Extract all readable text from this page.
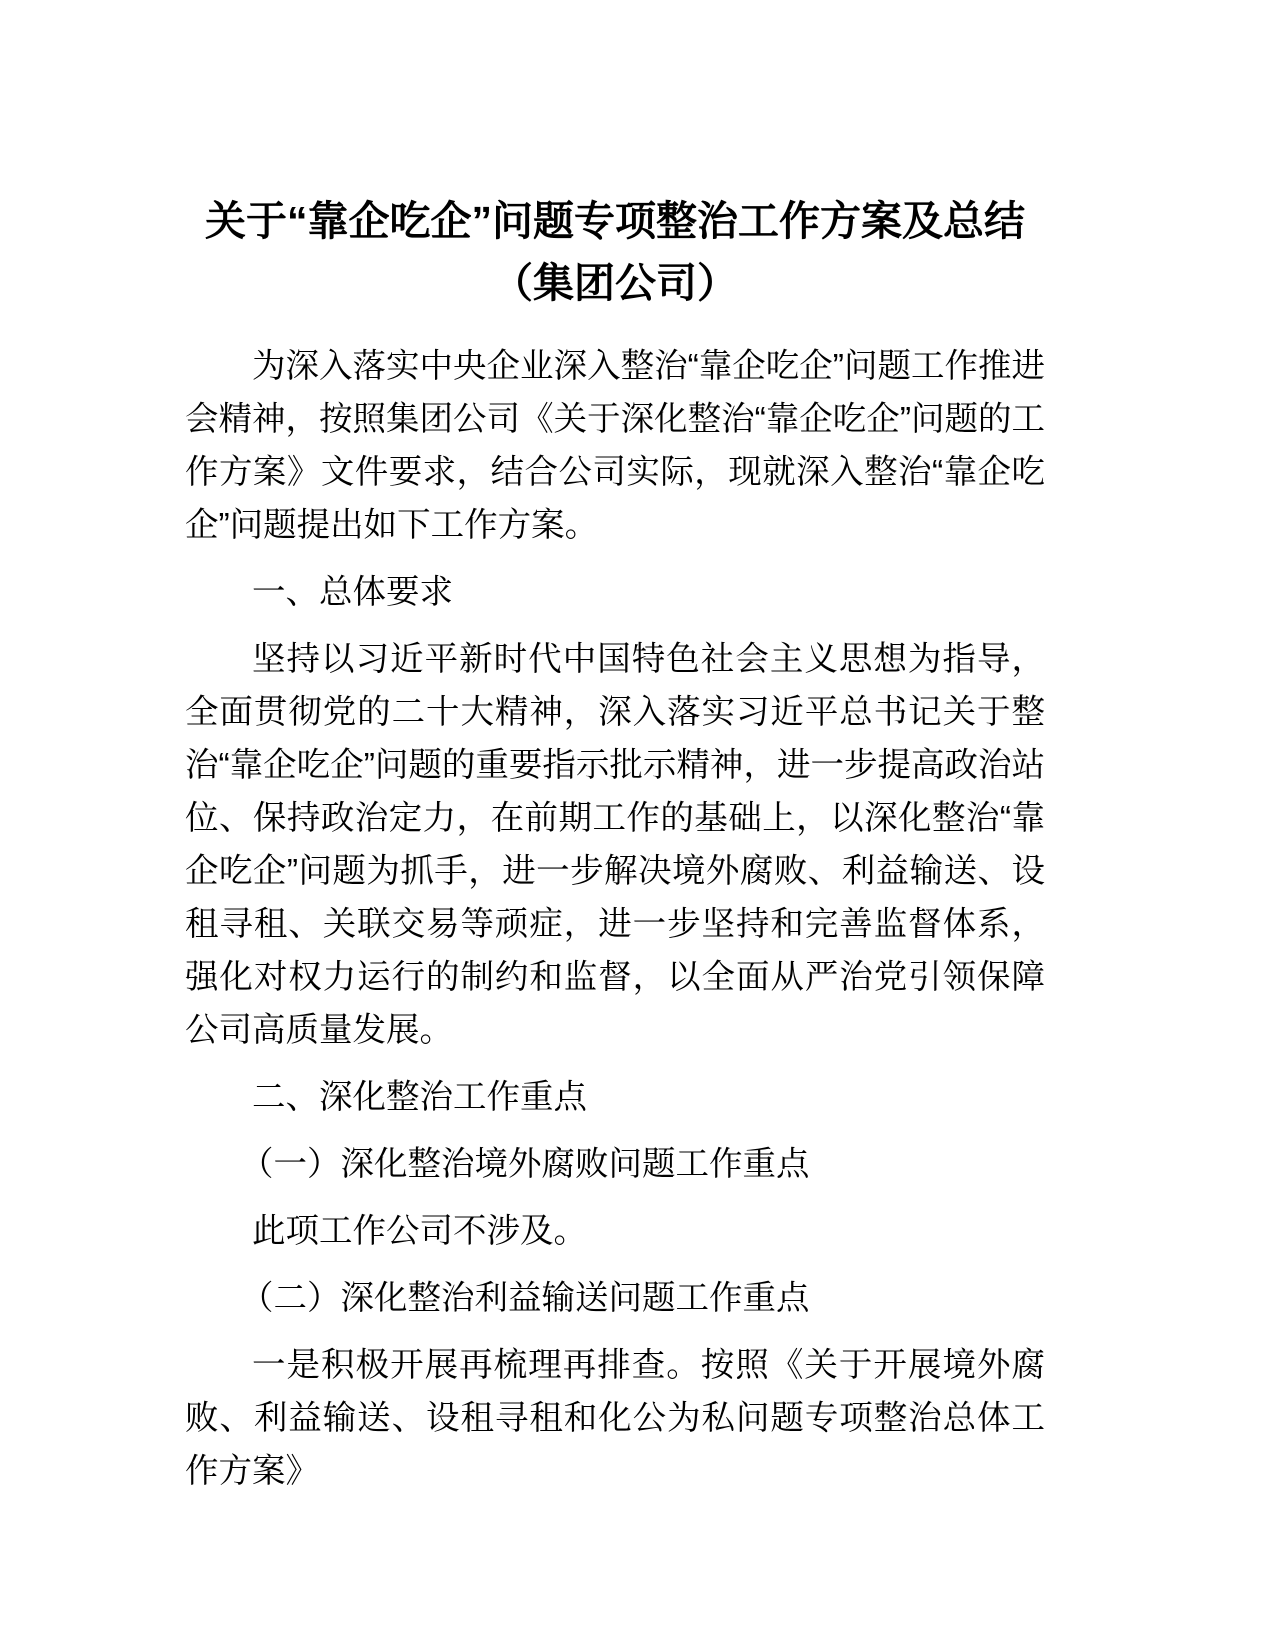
关于“靠企吃企”问题专项整治工作方案及总结（集团公司）

为深入落实中央企业深入整治“靠企吃企”问题工作推进会精神，按照集团公司《关于深化整治“靠企吃企”问题的工作方案》文件要求，结合公司实际，现就深入整治“靠企吃企”问题提出如下工作方案。

一、总体要求

坚持以习近平新时代中国特色社会主义思想为指导，全面贯彻党的二十大精神，深入落实习近平总书记关于整治“靠企吃企”问题的重要指示批示精神，进一步提高政治站位、保持政治定力，在前期工作的基础上，以深化整治“靠企吃企”问题为抓手，进一步解决境外腐败、利益输送、设租寻租、关联交易等顽症，进一步坚持和完善监督体系，强化对权力运行的制约和监督，以全面从严治党引领保障公司高质量发展。

二、深化整治工作重点

（一）深化整治境外腐败问题工作重点

此项工作公司不涉及。

（二）深化整治利益输送问题工作重点

一是积极开展再梳理再排查。按照《关于开展境外腐败、利益输送、设租寻租和化公为私问题专项整治总体工作方案》
